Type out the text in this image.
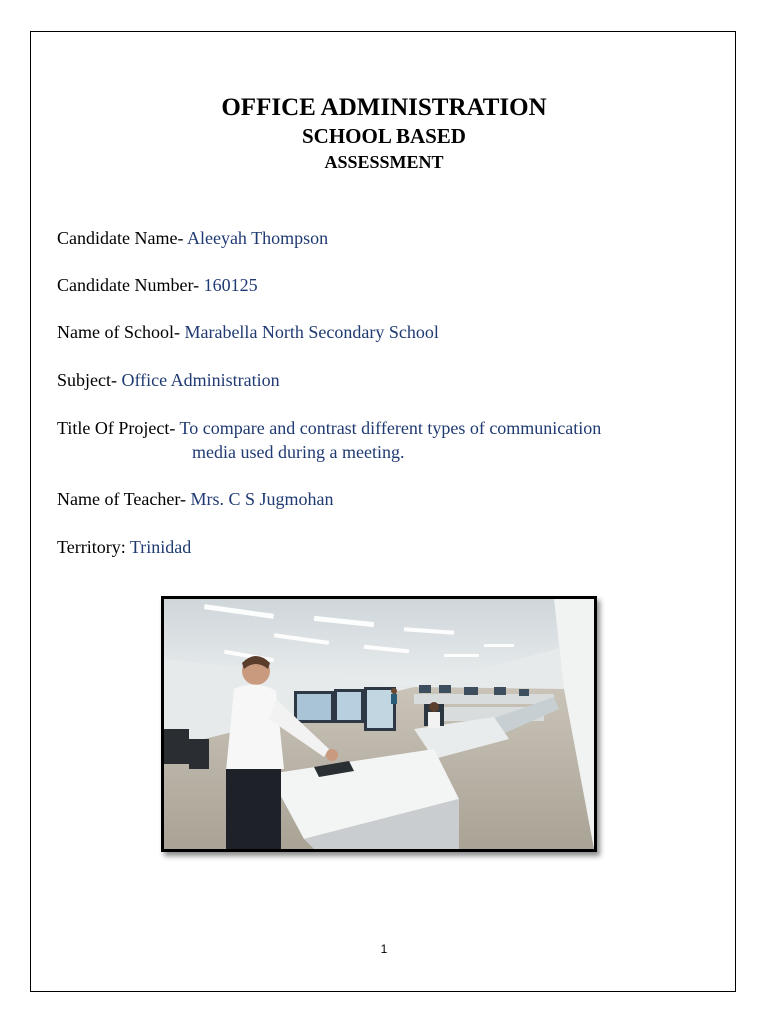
OFFICE ADMINISTRATION
SCHOOL BASED
ASSESSMENT
Candidate Name- Aleeyah Thompson
Candidate Number- 160125
Name of School- Marabella North Secondary School
Subject- Office Administration
Title Of Project- To compare and contrast different types of communication
media used during a meeting.
Name of Teacher- Mrs. C S Jugmohan
Territory: Trinidad
1
